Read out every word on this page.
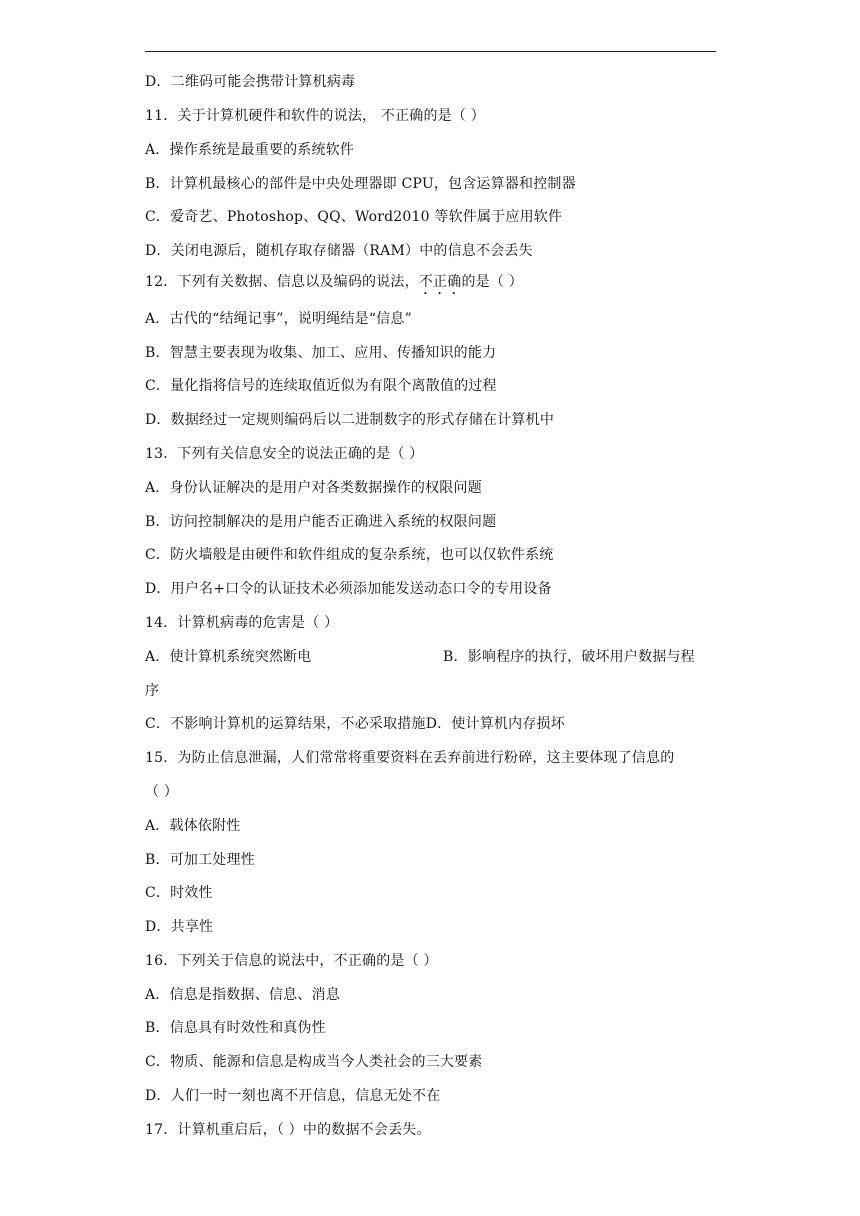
D．二维码可能会携带计算机病毒
11．关于计算机硬件和软件的说法， 不正确的是（ ）
A．操作系统是最重要的系统软件
B．计算机最核心的部件是中央处理器即 CPU，包含运算器和控制器
C．爱奇艺、Photoshop、QQ、Word2010 等软件属于应用软件
D．关闭电源后，随机存取存储器（RAM）中的信息不会丢失
12．下列有关数据、信息以及编码的说法，不正确的是（ ）
A．古代的“结绳记事”，说明绳结是“信息”
B．智慧主要表现为收集、加工、应用、传播知识的能力
C．量化指将信号的连续取值近似为有限个离散值的过程
D．数据经过一定规则编码后以二进制数字的形式存储在计算机中
13．下列有关信息安全的说法正确的是（ ）
A．身份认证解决的是用户对各类数据操作的权限问题
B．访问控制解决的是用户能否正确进入系统的权限问题
C．防火墙般是由硬件和软件组成的复杂系统，也可以仅软件系统
D．用户名+口令的认证技术必须添加能发送动态口令的专用设备
14．计算机病毒的危害是（ ）
A．使计算机系统突然断电	B．影响程序的执行，破坏用户数据与程
序
C．不影响计算机的运算结果，不必采取措施D．使计算机内存损坏
15．为防止信息泄漏，人们常常将重要资料在丢弃前进行粉碎，这主要体现了信息的
（ ）
A．载体依附性
B．可加工处理性
C．时效性
D．共享性
16．下列关于信息的说法中，不正确的是（ ）
A．信息是指数据、信息、消息
B．信息具有时效性和真伪性
C．物质、能源和信息是构成当今人类社会的三大要素
D．人们一时一刻也离不开信息，信息无处不在
17．计算机重启后，（ ）中的数据不会丢失。
